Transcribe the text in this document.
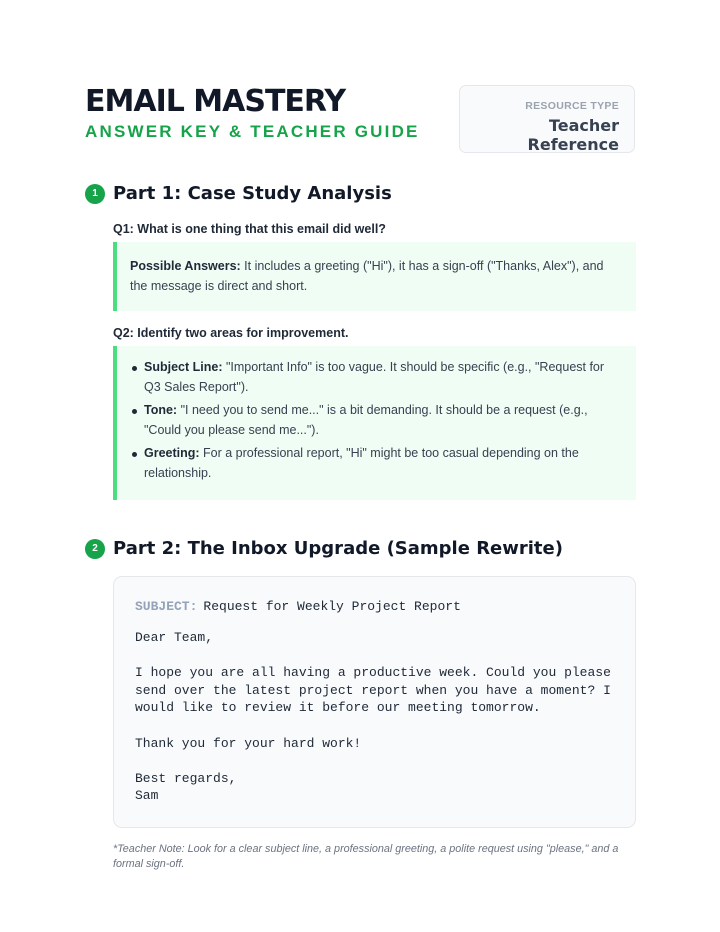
EMAIL MASTERY
ANSWER KEY & TEACHER GUIDE
RESOURCE TYPE
Teacher Reference
1 Part 1: Case Study Analysis
Q1: What is one thing that this email did well?

Possible Answers: It includes a greeting ("Hi"), it has a sign-off ("Thanks, Alex"), and the message is direct and short.

Q2: Identify two areas for improvement.
Subject Line: "Important Info" is too vague. It should be specific (e.g., "Request for Q3 Sales Report").
Tone: "I need you to send me..." is a bit demanding. It should be a request (e.g., "Could you please send me...").
Greeting: For a professional report, "Hi" might be too casual depending on the relationship.
2 Part 2: The Inbox Upgrade (Sample Rewrite)
SUBJECT: Request for Weekly Project Report
Dear Team,
I hope you are all having a productive week. Could you please
send over the latest project report when you have a moment? I
would like to review it before our meeting tomorrow.
Thank you for your hard work!
Best regards,
Sam
*Teacher Note: Look for a clear subject line, a professional greeting, a polite request using "please," and a formal sign-off.
